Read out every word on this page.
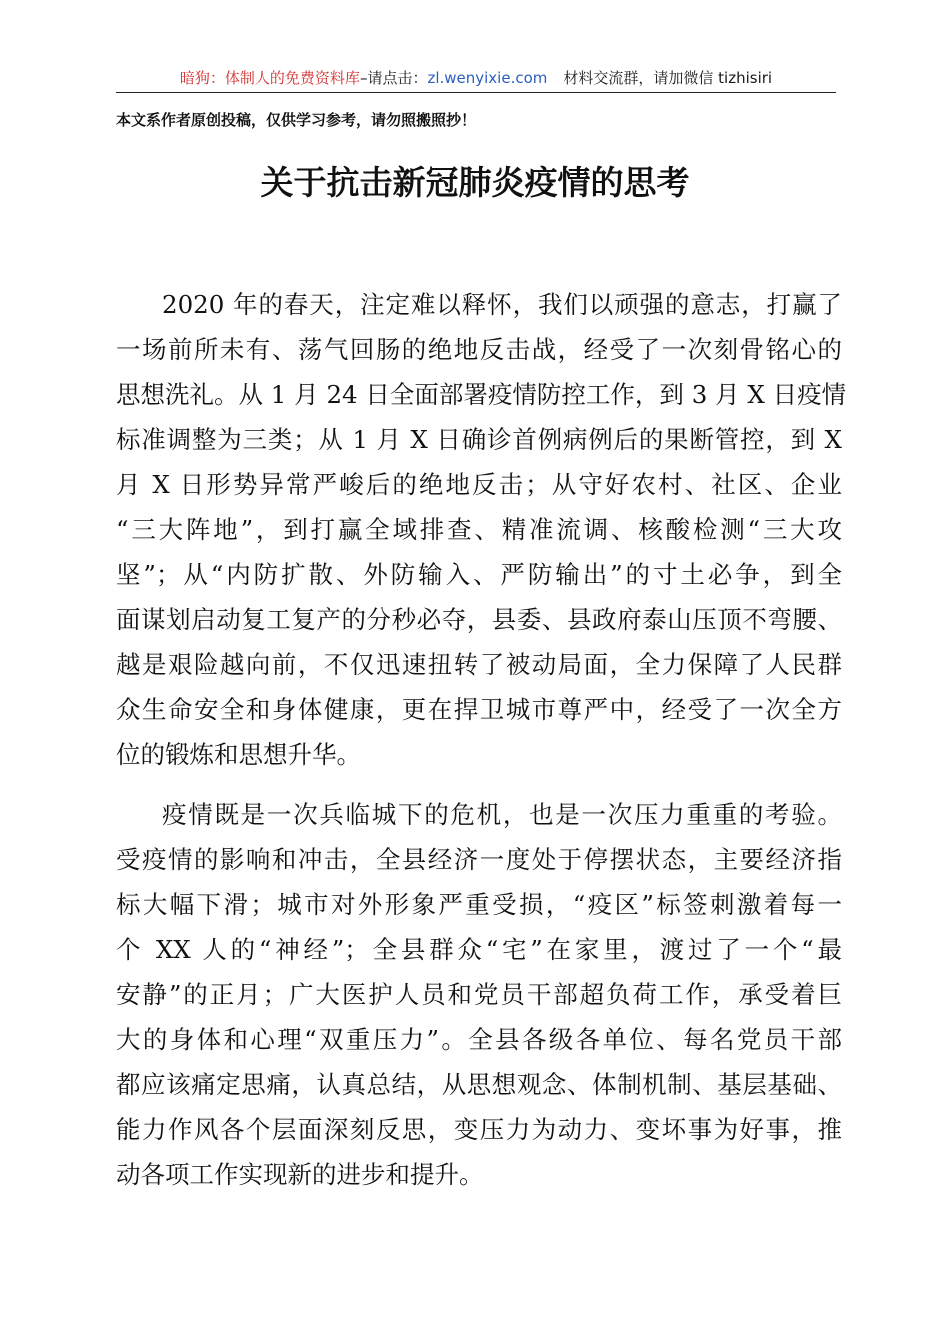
暗狗：体制人的免费资料库–请点击：zl.wenyixie.com 材料交流群，请加微信 tizhisiri
本文系作者原创投稿，仅供学习参考，请勿照搬照抄！
关于抗击新冠肺炎疫情的思考
2020 年的春天，注定难以释怀，我们以顽强的意志，打赢了
一场前所未有、荡气回肠的绝地反击战，经受了一次刻骨铭心的
思想洗礼。从 1 月 24 日全面部署疫情防控工作，到 3 月 X 日疫情
标准调整为三类；从 1 月 X 日确诊首例病例后的果断管控，到 X
月 X 日形势异常严峻后的绝地反击；从守好农村、社区、企业
“三大阵地”，到打赢全域排查、精准流调、核酸检测“三大攻
坚”；从“内防扩散、外防输入、严防输出”的寸土必争，到全
面谋划启动复工复产的分秒必夺，县委、县政府泰山压顶不弯腰、
越是艰险越向前，不仅迅速扭转了被动局面，全力保障了人民群
众生命安全和身体健康，更在捍卫城市尊严中，经受了一次全方
位的锻炼和思想升华。
疫情既是一次兵临城下的危机，也是一次压力重重的考验。
受疫情的影响和冲击，全县经济一度处于停摆状态，主要经济指
标大幅下滑；城市对外形象严重受损，“疫区”标签刺激着每一
个 XX 人的“神经”；全县群众“宅”在家里，渡过了一个“最
安静”的正月；广大医护人员和党员干部超负荷工作，承受着巨
大的身体和心理“双重压力”。全县各级各单位、每名党员干部
都应该痛定思痛，认真总结，从思想观念、体制机制、基层基础、
能力作风各个层面深刻反思，变压力为动力、变坏事为好事，推
动各项工作实现新的进步和提升。
